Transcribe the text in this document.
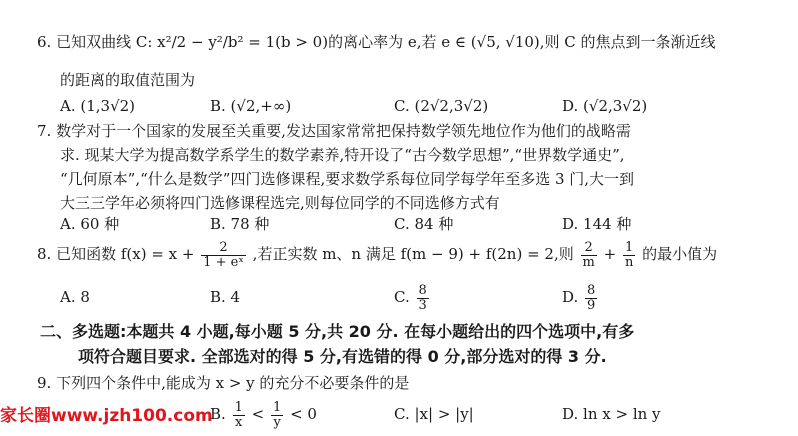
6. 已知双曲线 C: x²/2 − y²/b² = 1(b > 0)的离心率为 e,若 e ∈ (√5, √10),则 C 的焦点到一条渐近线
的距离的取值范围为
A. (1,3√2)	B. (√2,+∞)	C. (2√2,3√2)	D. (√2,3√2)
7. 数学对于一个国家的发展至关重要,发达国家常常把保持数学领先地位作为他们的战略需
求. 现某大学为提高数学系学生的数学素养,特开设了“古今数学思想”,“世界数学通史”,
“几何原本”,“什么是数学”四门选修课程,要求数学系每位同学每学年至多选 3 门,大一到
大三三学年必须将四门选修课程选完,则每位同学的不同选修方式有
A. 60 种	B. 78 种	C. 84 种	D. 144 种
8. 已知函数 $f(x) = x + \frac{2}{\text{1 + eˣ}}$ ,若正实数 m、n 满足 f(m − 9) + f(2n) = 2,则 $\frac{2}{m} + \frac{1}{n}$ 的最小值为
A. 8	B. 4	C. $\frac{8}{3}$	D. $\frac{8}{9}$
二、多选题:本题共 4 小题,每小题 5 分,共 20 分. 在每小题给出的四个选项中,有多
项符合题目要求. 全部选对的得 5 分,有选错的得 0 分,部分选对的得 3 分.
9. 下列四个条件中,能成为 x > y 的充分不必要条件的是
家长圈www.jzh100.com
B. $\frac{1}{x} < \frac{1}{y} < 0$	C. |x| > |y|	D. ln x > ln y
